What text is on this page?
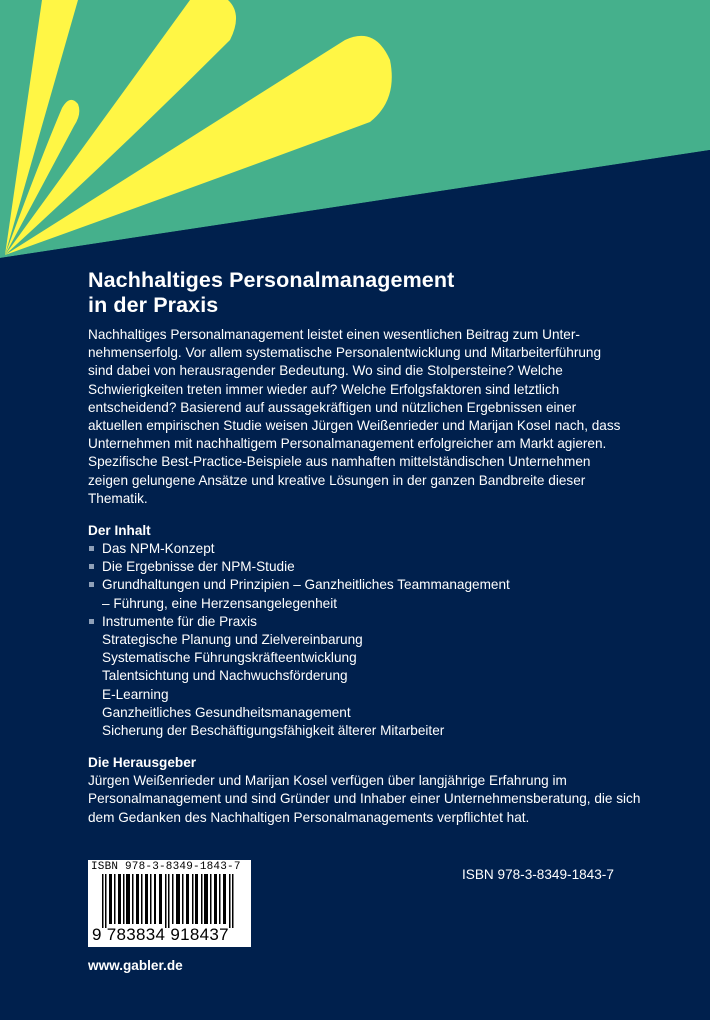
Nachhaltiges Personalmanagement
in der Praxis

Nachhaltiges Personalmanagement leistet einen wesentlichen Beitrag zum Unternehmenserfolg. Vor allem systematische Personalentwicklung und Mitarbeiterführung sind dabei von herausragender Bedeutung. Wo sind die Stolpersteine? Welche Schwierigkeiten treten immer wieder auf? Welche Erfolgsfaktoren sind letztlich entscheidend? Basierend auf aussagekräftigen und nützlichen Ergebnissen einer aktuellen empirischen Studie weisen Jürgen Weißenrieder und Marijan Kosel nach, dass Unternehmen mit nachhaltigem Personalmanagement erfolgreicher am Markt agieren. Spezifische Best-Practice-Beispiele aus namhaften mittelständischen Unternehmen zeigen gelungene Ansätze und kreative Lösungen in der ganzen Bandbreite dieser Thematik.

Der Inhalt

Das NPM-Konzept
Die Ergebnisse der NPM-Studie
Grundhaltungen und Prinzipien – Ganzheitliches Teammanagement
– Führung, eine Herzensangelegenheit
Instrumente für die Praxis
Strategische Planung und Zielvereinbarung
Systematische Führungskräfteentwicklung
Talentsichtung und Nachwuchsförderung
E-Learning
Ganzheitliches Gesundheitsmanagement
Sicherung der Beschäftigungsfähigkeit älterer Mitarbeiter

Die Herausgeber

Jürgen Weißenrieder und Marijan Kosel verfügen über langjährige Erfahrung im Personalmanagement und sind Gründer und Inhaber einer Unternehmensberatung, die sich dem Gedanken des Nachhaltigen Personalmanagements verpflichtet hat.

ISBN 978-3-8349-1843-7
9 783834 918437
ISBN 978-3-8349-1843-7
www.gabler.de
